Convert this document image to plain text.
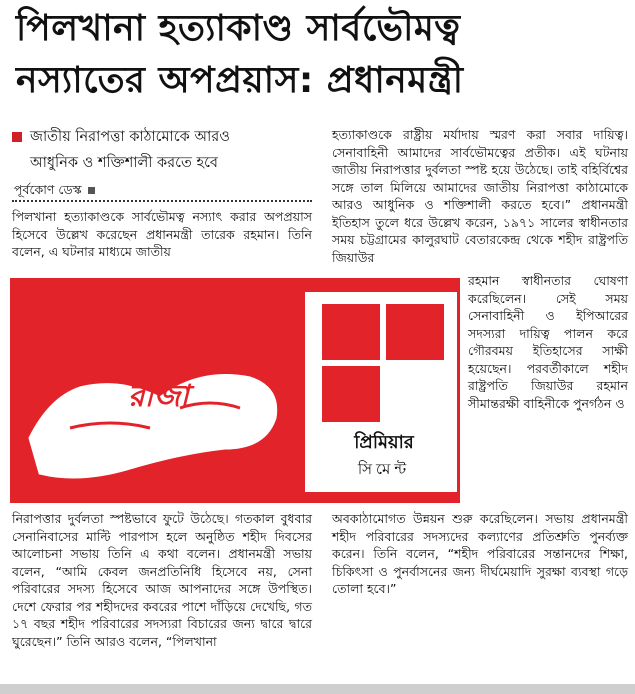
পিলখানা হত্যাকাণ্ড সার্বভৌমত্ব
নস্যাতের অপপ্রয়াস: প্রধানমন্ত্রী
জাতীয় নিরাপত্তা কাঠামোকে আরও
আধুনিক ও শক্তিশালী করতে হবে
পূর্বকোণ ডেস্ক
পিলখানা হত্যাকাণ্ডকে সার্বভৌমত্ব নস্যাৎ করার অপপ্রয়াস হিসেবে উল্লেখ করেছেন প্রধানমন্ত্রী তারেক রহমান। তিনি বলেন, এ ঘটনার মাধ্যমে জাতীয়
হত্যাকাণ্ডকে রাষ্ট্রীয় মর্যাদায় স্মরণ করা সবার দায়িত্ব। সেনাবাহিনী আমাদের সার্বভৌমত্বের প্রতীক। এই ঘটনায় জাতীয় নিরাপত্তার দুর্বলতা স্পষ্ট হয়ে উঠেছে। তাই বহির্বিশ্বের সঙ্গে তাল মিলিয়ে আমাদের জাতীয় নিরাপত্তা কাঠামোকে আরও আধুনিক ও শক্তিশালী করতে হবে।” প্রধানমন্ত্রী ইতিহাস তুলে ধরে উল্লেখ করেন, ১৯৭১ সালের স্বাধীনতার সময় চট্টগ্রামের কালুরঘাট বেতারকেন্দ্র থেকে শহীদ রাষ্ট্রপতি জিয়াউর
রহমান স্বাধীনতার ঘোষণা করেছিলেন। সেই সময় সেনাবাহিনী ও ইপিআরের সদস্যরা দায়িত্ব পালন করে গৌরবময় ইতিহাসের সাক্ষী হয়েছেন। পরবর্তীকালে শহীদ রাষ্ট্রপতি জিয়াউর রহমান সীমান্তরক্ষী বাহিনীকে পুনর্গঠন ও
নিরাপত্তার দুর্বলতা স্পষ্টভাবে ফুটে উঠেছে। গতকাল বুধবার সেনানিবাসের মাল্টি পারপাস হলে অনুষ্ঠিত শহীদ দিবসের আলোচনা সভায় তিনি এ কথা বলেন। প্রধানমন্ত্রী সভায় বলেন, “আমি কেবল জনপ্রতিনিধি হিসেবে নয়, সেনা পরিবারের সদস্য হিসেবে আজ আপনাদের সঙ্গে উপস্থিত। দেশে ফেরার পর শহীদদের কবরের পাশে দাঁড়িয়ে দেখেছি, গত ১৭ বছর শহীদ পরিবারের সদস্যরা বিচারের জন্য দ্বারে দ্বারে ঘুরেছেন।” তিনি আরও বলেন, “পিলখানা
অবকাঠামোগত উন্নয়ন শুরু করেছিলেন। সভায় প্রধানমন্ত্রী শহীদ পরিবারের সদস্যদের কল্যাণের প্রতিশ্রুতি পুনর্ব্যক্ত করেন। তিনি বলেন, “শহীদ পরিবারের সন্তানদের শিক্ষা, চিকিৎসা ও পুনর্বাসনের জন্য দীর্ঘমেয়াদি সুরক্ষা ব্যবস্থা গড়ে তোলা হবে।”
ঢালাইয়ের
রাজা
প্রিমিয়ার
সিমেন্ট
